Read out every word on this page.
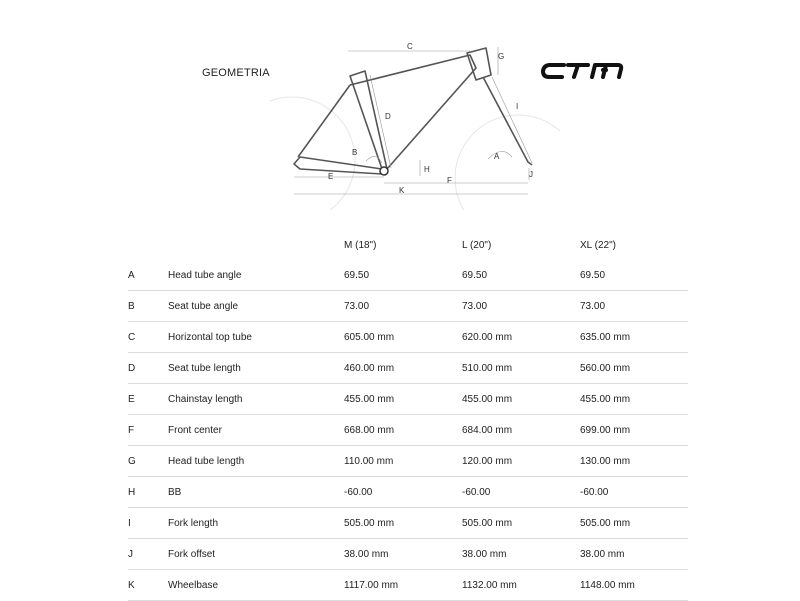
GEOMETRIA
CTM
C
G
D
I
B	A
H
E	F
J
K
M (18")	L (20")	XL (22")
A	Head tube angle	69.50	69.50	69.50
B	Seat tube angle	73.00	73.00	73.00
C	Horizontal top tube	605.00 mm	620.00 mm	635.00 mm
D	Seat tube length	460.00 mm	510.00 mm	560.00 mm
E	Chainstay length	455.00 mm	455.00 mm	455.00 mm
F	Front center	668.00 mm	684.00 mm	699.00 mm
G	Head tube length	110.00 mm	120.00 mm	130.00 mm
H	BB	-60.00	-60.00	-60.00
I	Fork length	505.00 mm	505.00 mm	505.00 mm
J	Fork offset	38.00 mm	38.00 mm	38.00 mm
K	Wheelbase	1117.00 mm	1132.00 mm	1148.00 mm
